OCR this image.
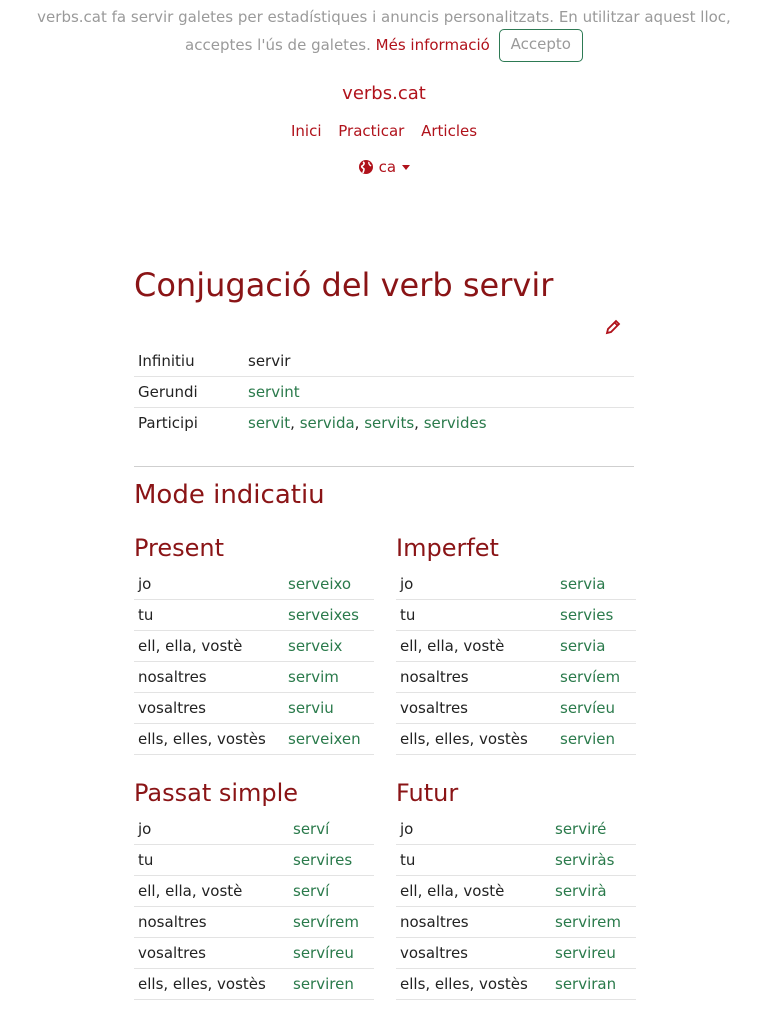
verbs.cat fa servir galetes per estadístiques i anuncis personalitzats. En utilitzar aquest lloc,
acceptes l'ús de galetes. Més informació Accepto
verbs.cat
Inici Practicar Articles
ca
Conjugació del verb servir
Infinitiu	servir
Gerundi	servint
Participi	servit, servida, servits, servides
Mode indicatiu
Present
jo	serveixo
tu	serveixes
ell, ella, vostè	serveix
nosaltres	servim
vosaltres	serviu
ells, elles, vostès	serveixen
Imperfet
jo	servia
tu	servies
ell, ella, vostè	servia
nosaltres	servíem
vosaltres	servíeu
ells, elles, vostès	servien
Passat simple
jo	serví
tu	servires
ell, ella, vostè	serví
nosaltres	servírem
vosaltres	servíreu
ells, elles, vostès	serviren
Futur
jo	serviré
tu	serviràs
ell, ella, vostè	servirà
nosaltres	servirem
vosaltres	servireu
ells, elles, vostès	serviran
